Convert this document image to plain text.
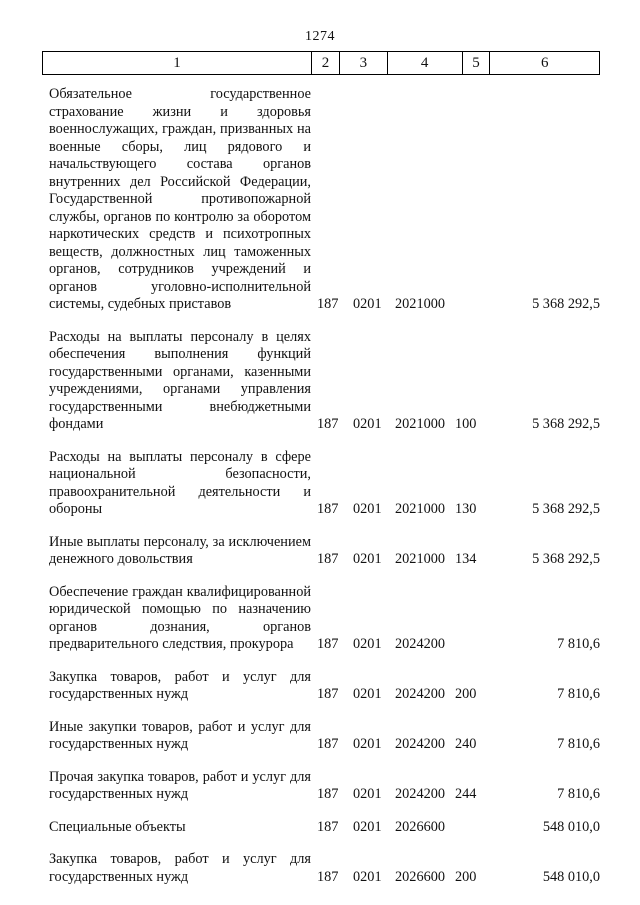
1274
1	2	3	4	5	6
Обязательное государственное страхование жизни и здоровья военнослужащих, граждан, призванных на военные сборы, лиц рядового и начальствующего состава органов внутренних дел Российской Федерации, Государственной противопожарной службы, органов по контролю за оборотом наркотических средств и психотропных веществ, должностных лиц таможенных органов, сотрудников учреждений и органов уголовно-исполнительной системы, судебных приставов	187 0201 2021000	5 368 292,5
Расходы на выплаты персоналу в целях обеспечения выполнения функций государственными органами, казенными учреждениями, органами управления государственными внебюджетными фондами	187 0201 2021000 100	5 368 292,5
Расходы на выплаты персоналу в сфере национальной безопасности, правоохранительной деятельности и обороны	187 0201 2021000 130	5 368 292,5
Иные выплаты персоналу, за исключением денежного довольствия	187 0201 2021000 134	5 368 292,5
Обеспечение граждан квалифицированной юридической помощью по назначению органов дознания, органов предварительного следствия, прокурора	187 0201 2024200	7 810,6
Закупка товаров, работ и услуг для государственных нужд	187 0201 2024200 200	7 810,6
Иные закупки товаров, работ и услуг для государственных нужд	187 0201 2024200 240	7 810,6
Прочая закупка товаров, работ и услуг для государственных нужд	187 0201 2024200 244	7 810,6
Специальные объекты	187 0201 2026600	548 010,0
Закупка товаров, работ и услуг для государственных нужд	187 0201 2026600 200	548 010,0
